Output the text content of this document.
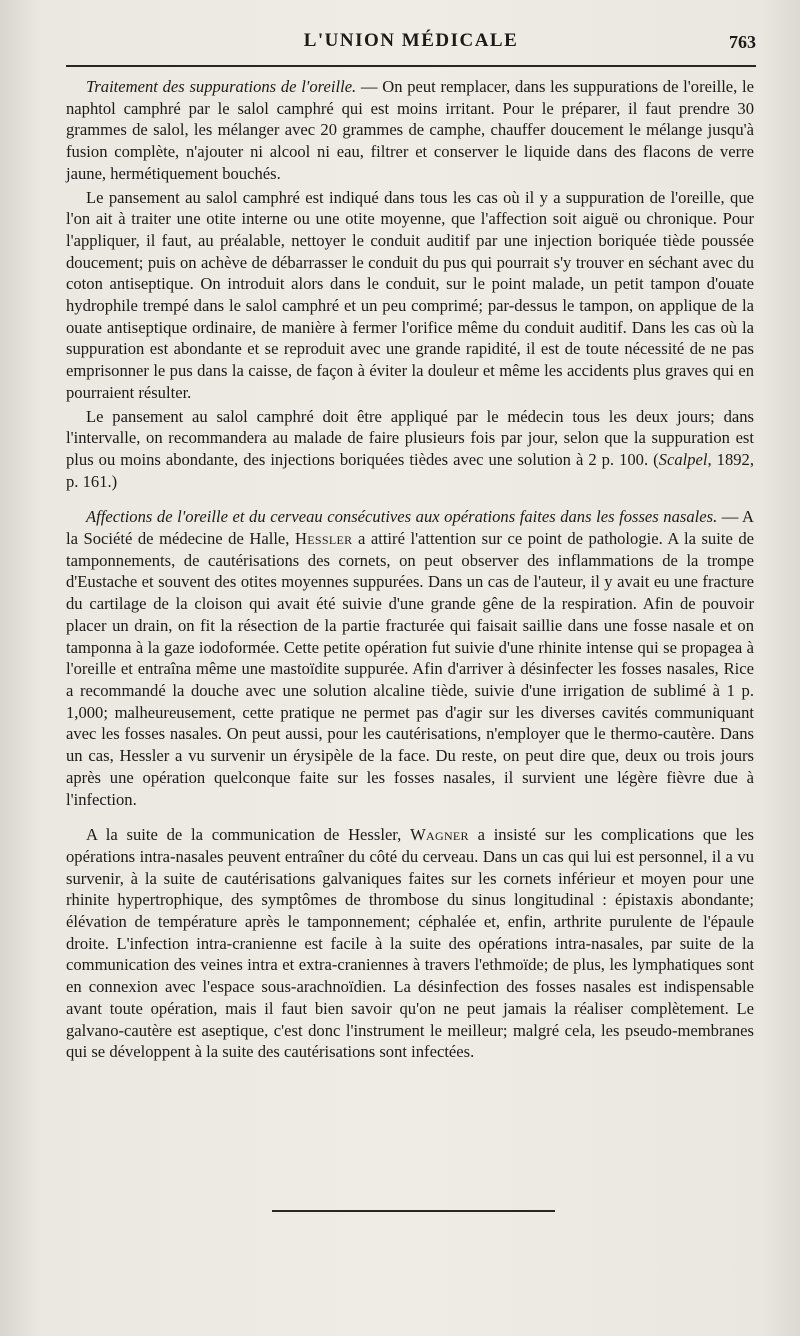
L'UNION MÉDICALE	763

Traitement des suppurations de l'oreille. — On peut remplacer, dans les suppurations de l'oreille, le naphtol camphré par le salol camphré qui est moins irritant. Pour le préparer, il faut prendre 30 grammes de salol, les mélanger avec 20 grammes de camphe, chauffer doucement le mélange jusqu'à fusion complète, n'ajouter ni alcool ni eau, filtrer et conserver le liquide dans des flacons de verre jaune, hermétiquement bouchés.

Le pansement au salol camphré est indiqué dans tous les cas où il y a suppuration de l'oreille, que l'on ait à traiter une otite interne ou une otite moyenne, que l'affection soit aiguë ou chronique. Pour l'appliquer, il faut, au préalable, nettoyer le conduit auditif par une injection boriquée tiède poussée doucement; puis on achève de débarrasser le conduit du pus qui pourrait s'y trouver en séchant avec du coton antiseptique. On introduit alors dans le conduit, sur le point malade, un petit tampon d'ouate hydrophile trempé dans le salol camphré et un peu comprimé; par-dessus le tampon, on applique de la ouate antiseptique ordinaire, de manière à fermer l'orifice même du conduit auditif. Dans les cas où la suppuration est abondante et se reproduit avec une grande rapidité, il est de toute nécessité de ne pas emprisonner le pus dans la caisse, de façon à éviter la douleur et même les accidents plus graves qui en pourraient résulter.

Le pansement au salol camphré doit être appliqué par le médecin tous les deux jours; dans l'intervalle, on recommandera au malade de faire plusieurs fois par jour, selon que la suppuration est plus ou moins abondante, des injections boriquées tièdes avec une solution à 2 p. 100. (Scalpel, 1892, p. 161.)

Affections de l'oreille et du cerveau consécutives aux opérations faites dans les fosses nasales. — A la Société de médecine de Halle, Hessler a attiré l'attention sur ce point de pathologie. A la suite de tamponnements, de cautérisations des cornets, on peut observer des inflammations de la trompe d'Eustache et souvent des otites moyennes suppurées. Dans un cas de l'auteur, il y avait eu une fracture du cartilage de la cloison qui avait été suivie d'une grande gêne de la respiration. Afin de pouvoir placer un drain, on fit la résection de la partie fracturée qui faisait saillie dans une fosse nasale et on tamponna à la gaze iodoformée. Cette petite opération fut suivie d'une rhinite intense qui se propagea à l'oreille et entraîna même une mastoïdite suppurée. Afin d'arriver à désinfecter les fosses nasales, Rice a recommandé la douche avec une solution alcaline tiède, suivie d'une irrigation de sublimé à 1 p. 1,000; malheureusement, cette pratique ne permet pas d'agir sur les diverses cavités communiquant avec les fosses nasales. On peut aussi, pour les cautérisations, n'employer que le thermo-cautère. Dans un cas, Hessler a vu survenir un érysipèle de la face. Du reste, on peut dire que, deux ou trois jours après une opération quelconque faite sur les fosses nasales, il survient une légère fièvre due à l'infection.

A la suite de la communication de Hessler, Wagner a insisté sur les complications que les opérations intra-nasales peuvent entraîner du côté du cerveau. Dans un cas qui lui est personnel, il a vu survenir, à la suite de cautérisations galvaniques faites sur les cornets inférieur et moyen pour une rhinite hypertrophique, des symptômes de thrombose du sinus longitudinal : épistaxis abondante; élévation de température après le tamponnement; céphalée et, enfin, arthrite purulente de l'épaule droite. L'infection intra-cranienne est facile à la suite des opérations intra-nasales, par suite de la communication des veines intra et extra-craniennes à travers l'ethmoïde; de plus, les lymphatiques sont en connexion avec l'espace sous-arachnoïdien. La désinfection des fosses nasales est indispensable avant toute opération, mais il faut bien savoir qu'on ne peut jamais la réaliser complètement. Le galvano-cautère est aseptique, c'est donc l'instrument le meilleur; malgré cela, les pseudo-membranes qui se développent à la suite des cautérisations sont infectées.
